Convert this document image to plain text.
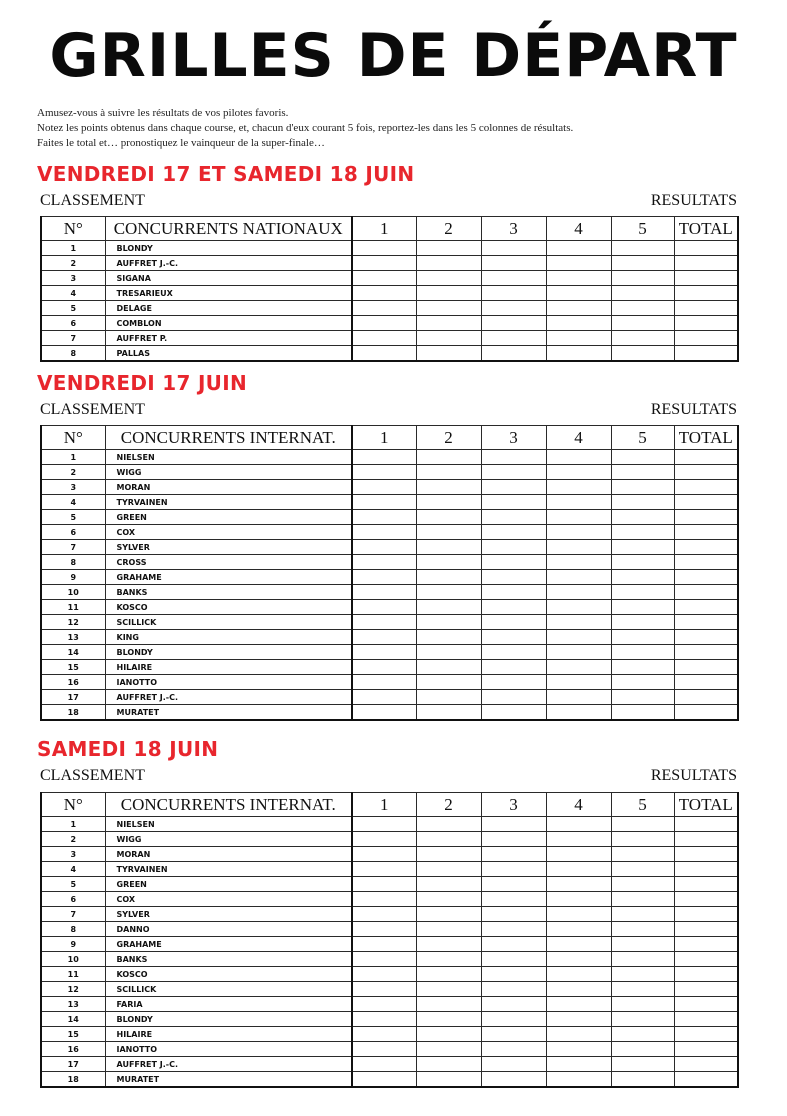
GRILLES DE DÉPART
Amusez-vous à suivre les résultats de vos pilotes favoris.
Notez les points obtenus dans chaque course, et, chacun d'eux courant 5 fois, reportez-les dans les 5 colonnes de résultats.
Faites le total et… pronostiquez le vainqueur de la super-finale…
VENDREDI 17 ET SAMEDI 18 JUIN
CLASSEMENT	RESULTATS
N°	CONCURRENTS NATIONAUX	1	2	3	4	5	TOTAL
1	BLONDY						
2	AUFFRET J.-C.						
3	SIGANA						
4	TRESARIEUX						
5	DELAGE						
6	COMBLON						
7	AUFFRET P.						
8	PALLAS						
VENDREDI 17 JUIN
CLASSEMENT	RESULTATS
N°	CONCURRENTS INTERNAT.	1	2	3	4	5	TOTAL
1	NIELSEN						
2	WIGG						
3	MORAN						
4	TYRVAINEN						
5	GREEN						
6	COX						
7	SYLVER						
8	CROSS						
9	GRAHAME						
10	BANKS						
11	KOSCO						
12	SCILLICK						
13	KING						
14	BLONDY						
15	HILAIRE						
16	IANOTTO						
17	AUFFRET J.-C.						
18	MURATET						
SAMEDI 18 JUIN
CLASSEMENT	RESULTATS
N°	CONCURRENTS INTERNAT.	1	2	3	4	5	TOTAL
1	NIELSEN						
2	WIGG						
3	MORAN						
4	TYRVAINEN						
5	GREEN						
6	COX						
7	SYLVER						
8	DANNO						
9	GRAHAME						
10	BANKS						
11	KOSCO						
12	SCILLICK						
13	FARIA						
14	BLONDY						
15	HILAIRE						
16	IANOTTO						
17	AUFFRET J.-C.						
18	MURATET						
